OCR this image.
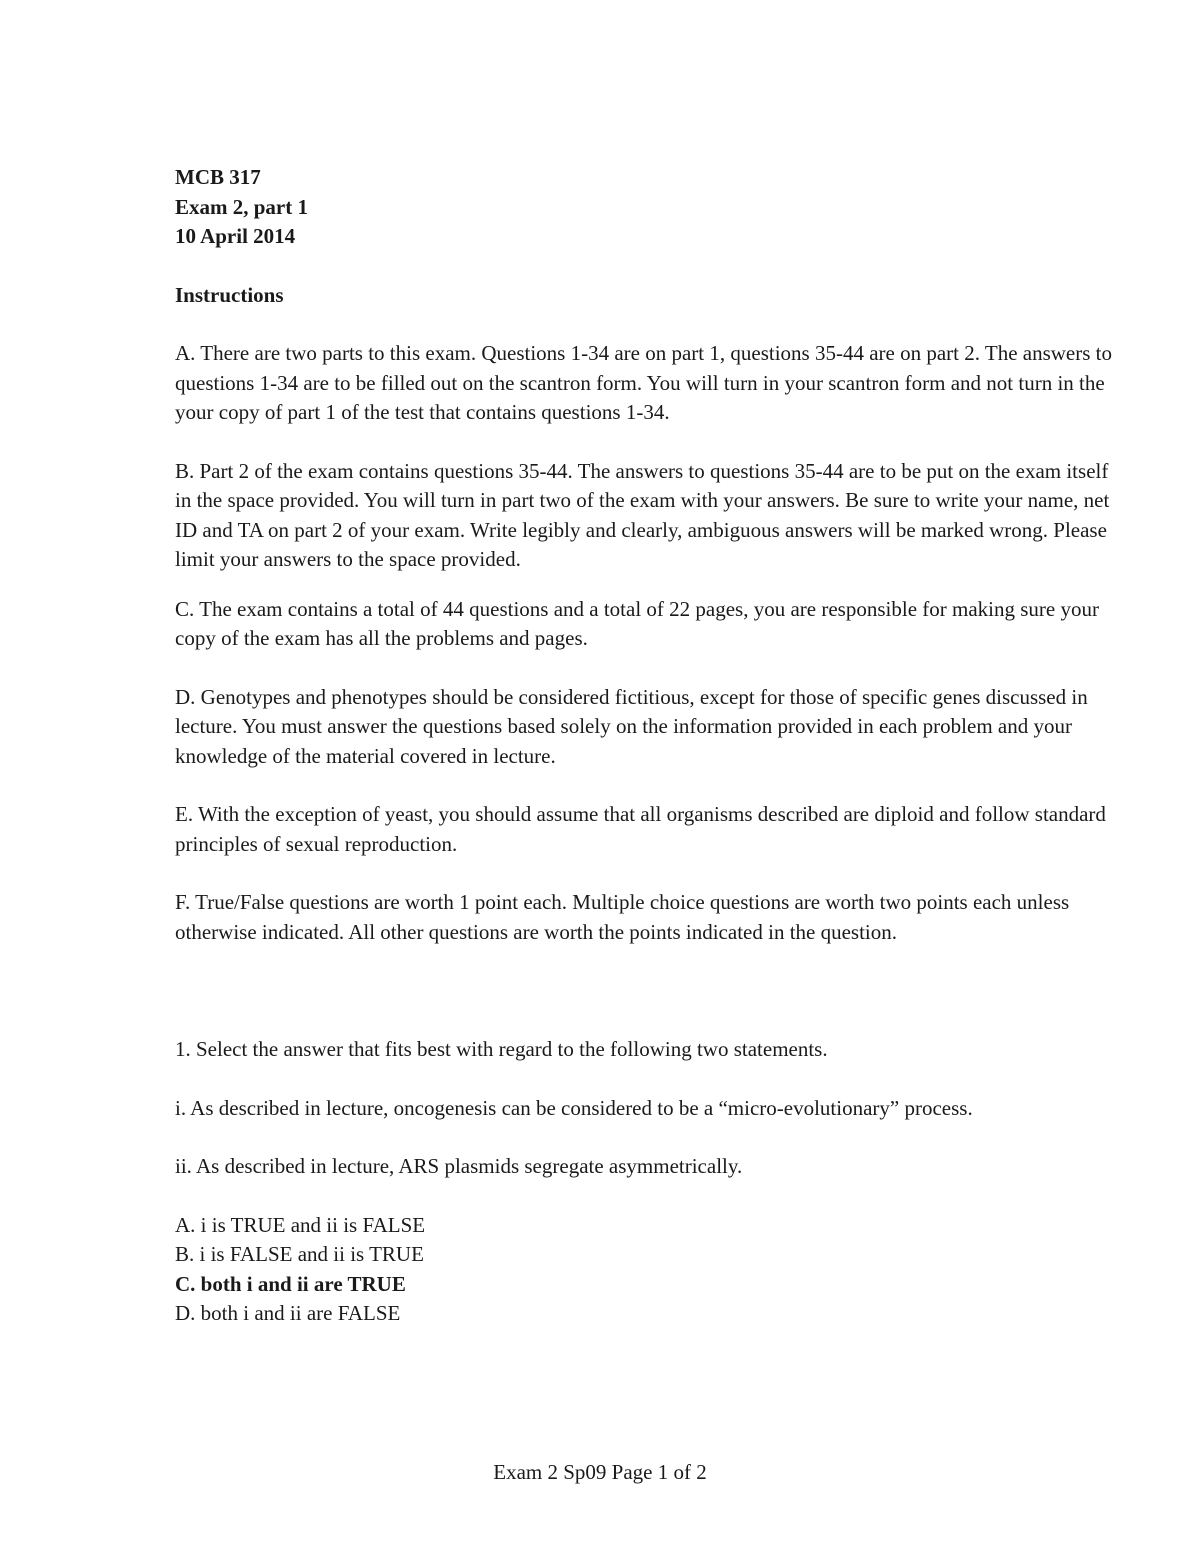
MCB 317

Exam 2, part 1

10 April 2014

Instructions

A. There are two parts to this exam. Questions 1-34 are on part 1, questions 35-44 are on part 2. The answers to questions 1-34 are to be filled out on the scantron form. You will turn in your scantron form and not turn in the your copy of part 1 of the test that contains questions 1-34.

B. Part 2 of the exam contains questions 35-44. The answers to questions 35-44 are to be put on the exam itself in the space provided. You will turn in part two of the exam with your answers. Be sure to write your name, net ID and TA on part 2 of your exam. Write legibly and clearly, ambiguous answers will be marked wrong. Please limit your answers to the space provided.

C. The exam contains a total of 44 questions and a total of 22 pages, you are responsible for making sure your copy of the exam has all the problems and pages.

D. Genotypes and phenotypes should be considered fictitious, except for those of specific genes discussed in lecture. You must answer the questions based solely on the information provided in each problem and your knowledge of the material covered in lecture.

E. With the exception of yeast, you should assume that all organisms described are diploid and follow standard principles of sexual reproduction.

F. True/False questions are worth 1 point each. Multiple choice questions are worth two points each unless otherwise indicated. All other questions are worth the points indicated in the question.

1. Select the answer that fits best with regard to the following two statements.

i. As described in lecture, oncogenesis can be considered to be a “micro-evolutionary” process.

ii. As described in lecture, ARS plasmids segregate asymmetrically.

A. i is TRUE and ii is FALSE

B. i is FALSE and ii is TRUE

C. both i and ii are TRUE

D. both i and ii are FALSE

Exam 2 Sp09 Page 1 of 2
